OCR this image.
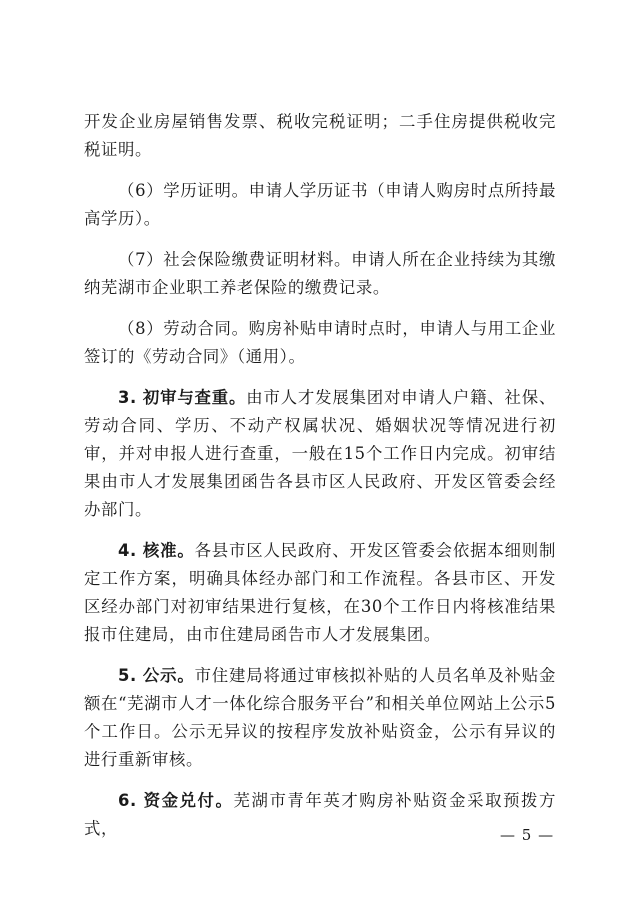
开发企业房屋销售发票、税收完税证明；二手住房提供税收完税证明。

（6）学历证明。申请人学历证书（申请人购房时点所持最高学历）。

（7）社会保险缴费证明材料。申请人所在企业持续为其缴纳芜湖市企业职工养老保险的缴费记录。

（8）劳动合同。购房补贴申请时点时，申请人与用工企业签订的《劳动合同》（通用）。

3. 初审与查重。由市人才发展集团对申请人户籍、社保、劳动合同、学历、不动产权属状况、婚姻状况等情况进行初审，并对申报人进行查重，一般在15个工作日内完成。初审结果由市人才发展集团函告各县市区人民政府、开发区管委会经办部门。

4. 核准。各县市区人民政府、开发区管委会依据本细则制定工作方案，明确具体经办部门和工作流程。各县市区、开发区经办部门对初审结果进行复核，在30个工作日内将核准结果报市住建局，由市住建局函告市人才发展集团。

5. 公示。市住建局将通过审核拟补贴的人员名单及补贴金额在“芜湖市人才一体化综合服务平台”和相关单位网站上公示5个工作日。公示无异议的按程序发放补贴资金，公示有异议的进行重新审核。

6. 资金兑付。芜湖市青年英才购房补贴资金采取预拨方式，	— 5 —
